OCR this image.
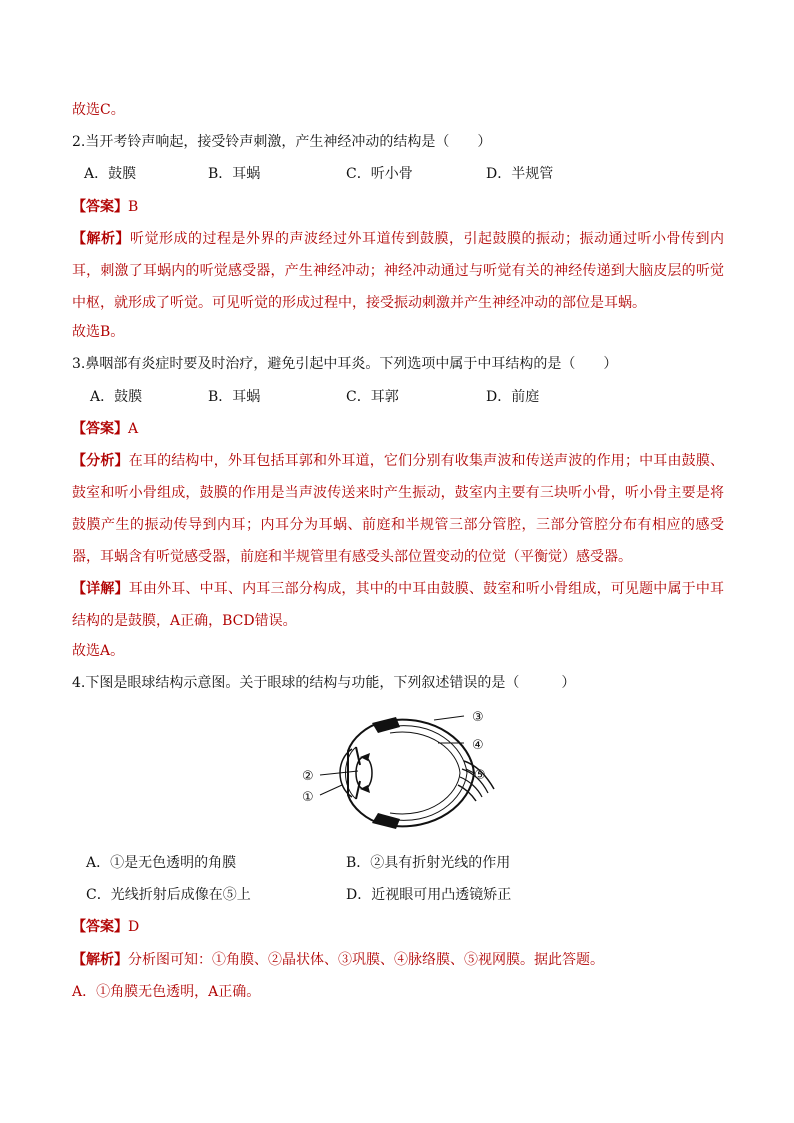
故选C。
2.当开考铃声响起，接受铃声刺激，产生神经冲动的结构是（　　）
A．鼓膜	B．耳蜗	C．听小骨	D．半规管
【答案】B
【解析】听觉形成的过程是外界的声波经过外耳道传到鼓膜，引起鼓膜的振动；振动通过听小骨传到内耳，刺激了耳蜗内的听觉感受器，产生神经冲动；神经冲动通过与听觉有关的神经传递到大脑皮层的听觉中枢，就形成了听觉。可见听觉的形成过程中，接受振动刺激并产生神经冲动的部位是耳蜗。
故选B。
3.鼻咽部有炎症时要及时治疗，避免引起中耳炎。下列选项中属于中耳结构的是（　　）
A．鼓膜	B．耳蜗	C．耳郭	D．前庭
【答案】A
【分析】在耳的结构中，外耳包括耳郭和外耳道，它们分别有收集声波和传送声波的作用；中耳由鼓膜、鼓室和听小骨组成，鼓膜的作用是当声波传送来时产生振动，鼓室内主要有三块听小骨，听小骨主要是将鼓膜产生的振动传导到内耳；内耳分为耳蜗、前庭和半规管三部分管腔，三部分管腔分布有相应的感受器，耳蜗含有听觉感受器，前庭和半规管里有感受头部位置变动的位觉（平衡觉）感受器。
【详解】耳由外耳、中耳、内耳三部分构成，其中的中耳由鼓膜、鼓室和听小骨组成，可见题中属于中耳结构的是鼓膜，A正确，BCD错误。
故选A。
4.下图是眼球结构示意图。关于眼球的结构与功能，下列叙述错误的是（　　　）
③
④
⑤
②
①
A．①是无色透明的角膜	B．②具有折射光线的作用
C．光线折射后成像在⑤上	D．近视眼可用凸透镜矫正
【答案】D
【解析】分析图可知：①角膜、②晶状体、③巩膜、④脉络膜、⑤视网膜。据此答题。
A．①角膜无色透明，A正确。
